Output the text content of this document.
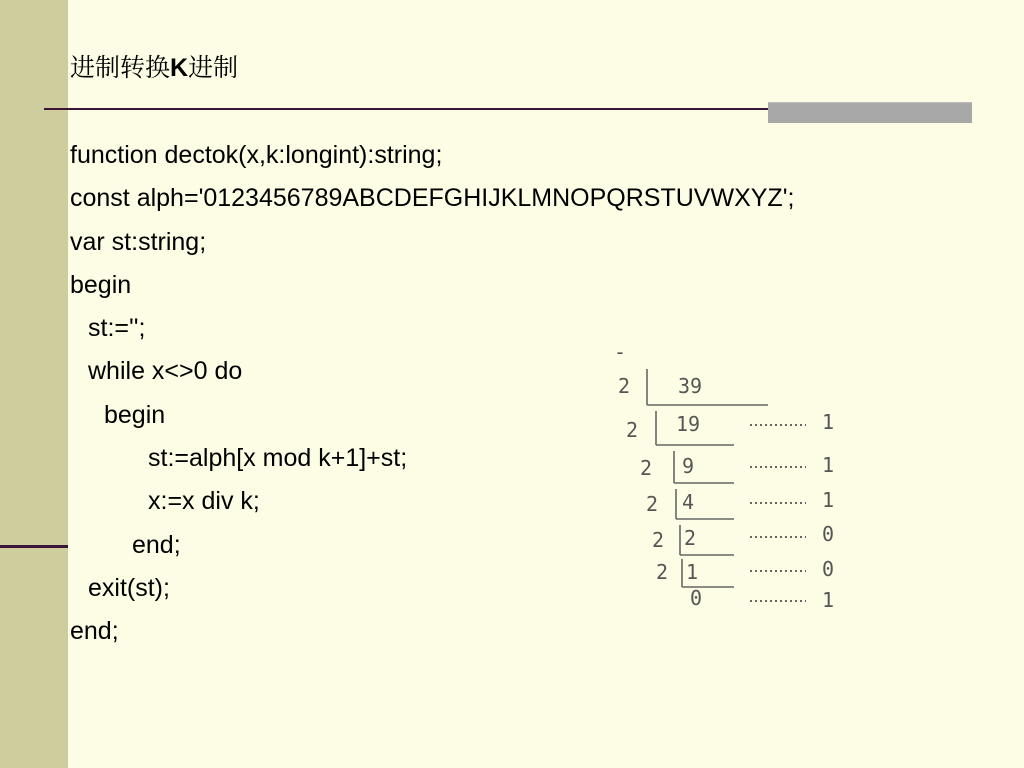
进制转换K进制
function dectok(x,k:longint):string;
const alph='0123456789ABCDEFGHIJKLMNOPQRSTUVWXYZ';
var st:string;
begin
st:='';
while x<>0 do
begin
st:=alph[x mod k+1]+st;
x:=x div k;
end;
exit(st);
end;
-
2
2
2
2
2
2
39
19
9
4
2
1
0
1
1
1
0
0
1
